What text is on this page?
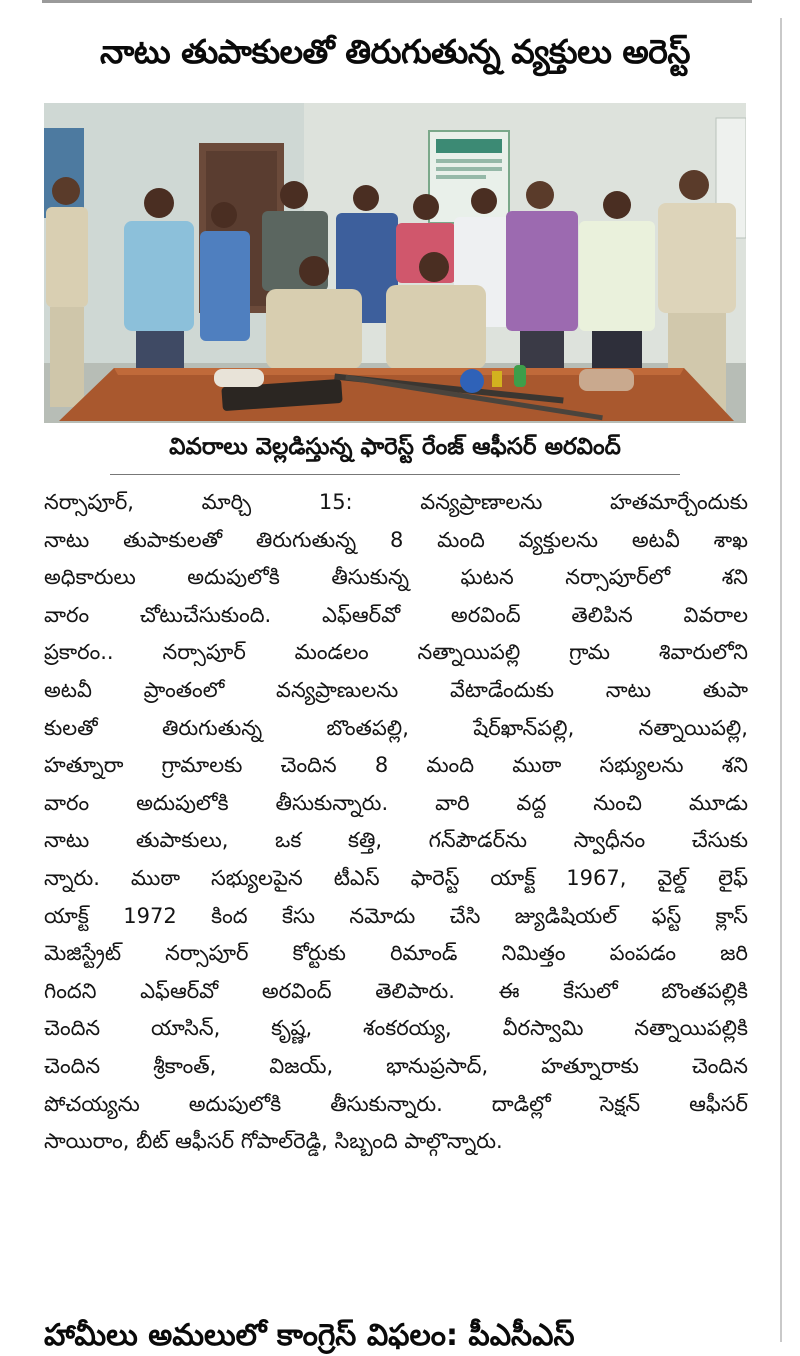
నాటు తుపాకులతో తిరుగుతున్న వ్యక్తులు అరెస్ట్
వివరాలు వెల్లడిస్తున్న ఫారెస్ట్ రేంజ్ ఆఫీసర్ అరవింద్
నర్సాపూర్, మార్చి 15: వన్యప్రాణాలను హతమార్చేందుకు
నాటు తుపాకులతో తిరుగుతున్న 8 మంది వ్యక్తులను అటవీ శాఖ
అధికారులు అదుపులోకి తీసుకున్న ఘటన నర్సాపూర్‌లో శని
వారం చోటుచేసుకుంది. ఎఫ్ఆర్‌వో అరవింద్ తెలిపిన వివరాల
ప్రకారం.. నర్సాపూర్ మండలం నత్నాయిపల్లి గ్రామ శివారులోని
అటవీ ప్రాంతంలో వన్యప్రాణులను వేటాడేందుకు నాటు తుపా
కులతో తిరుగుతున్న బొంతపల్లి, షేర్‌ఖాన్‌పల్లి, నత్నాయిపల్లి,
హత్నూరా గ్రామాలకు చెందిన 8 మంది ముఠా సభ్యులను శని
వారం అదుపులోకి తీసుకున్నారు. వారి వద్ద నుంచి మూడు
నాటు తుపాకులు, ఒక కత్తి, గన్‌పౌడర్‌ను స్వాధీనం చేసుకు
న్నారు. ముఠా సభ్యులపైన టీఎస్ ఫారెస్ట్ యాక్ట్ 1967, వైల్డ్ లైఫ్
యాక్ట్ 1972 కింద కేసు నమోదు చేసి జ్యుడిషియల్ ఫస్ట్ క్లాస్
మెజిస్ట్రేట్ నర్సాపూర్ కోర్టుకు రిమాండ్ నిమిత్తం పంపడం జరి
గిందని ఎఫ్ఆర్‌వో అరవింద్ తెలిపారు. ఈ కేసులో బొంతపల్లికి
చెందిన యాసిన్, కృష్ణ, శంకరయ్య, వీరస్వామి నత్నాయిపల్లికి
చెందిన శ్రీకాంత్, విజయ్, భానుప్రసాద్, హత్నూరాకు చెందిన
పోచయ్యను అదుపులోకి తీసుకున్నారు. దాడిల్లో సెక్షన్ ఆఫీసర్
సాయిరాం, బీట్ ఆఫీసర్ గోపాల్‌రెడ్డి, సిబ్బంది పాల్గొన్నారు.
హామీలు అమలులో కాంగ్రెస్ విఫలం: పీఎసీఎస్
